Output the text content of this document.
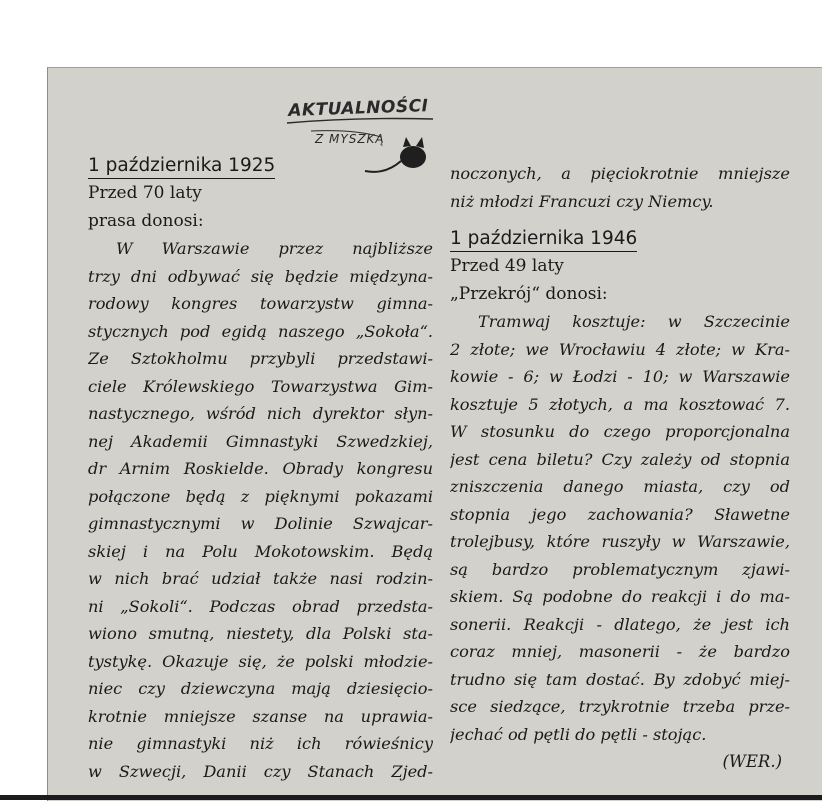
AKTUALNOŚCI
Z MYSZKĄ
1 października 1925
Przed 70 laty
prasa donosi:
W Warszawie przez najbliższe
trzy dni odbywać się będzie międzyna-
rodowy kongres towarzystw gimna-
stycznych pod egidą naszego „Sokoła“.
Ze Sztokholmu przybyli przedstawi-
ciele Królewskiego Towarzystwa Gim-
nastycznego, wśród nich dyrektor słyn-
nej Akademii Gimnastyki Szwedzkiej,
dr Arnim Roskielde. Obrady kongresu
połączone będą z pięknymi pokazami
gimnastycznymi w Dolinie Szwajcar-
skiej i na Polu Mokotowskim. Będą
w nich brać udział także nasi rodzin-
ni „Sokoli“. Podczas obrad przedsta-
wiono smutną, niestety, dla Polski sta-
tystykę. Okazuje się, że polski młodzie-
niec czy dziewczyna mają dziesięcio-
krotnie mniejsze szanse na uprawia-
nie gimnastyki niż ich rówieśnicy
w Szwecji, Danii czy Stanach Zjed-
noczonych, a pięciokrotnie mniejsze
niż młodzi Francuzi czy Niemcy.
1 października 1946
Przed 49 laty
„Przekrój“ donosi:
Tramwaj kosztuje: w Szczecinie
2 złote; we Wrocławiu 4 złote; w Kra-
kowie - 6; w Łodzi - 10; w Warszawie
kosztuje 5 złotych, a ma kosztować 7.
W stosunku do czego proporcjonalna
jest cena biletu? Czy zależy od stopnia
zniszczenia danego miasta, czy od
stopnia jego zachowania? Sławetne
trolejbusy, które ruszyły w Warszawie,
są bardzo problematycznym zjawi-
skiem. Są podobne do reakcji i do ma-
sonerii. Reakcji - dlatego, że jest ich
coraz mniej, masonerii - że bardzo
trudno się tam dostać. By zdobyć miej-
sce siedzące, trzykrotnie trzeba prze-
jechać od pętli do pętli - stojąc.
(WER.)
